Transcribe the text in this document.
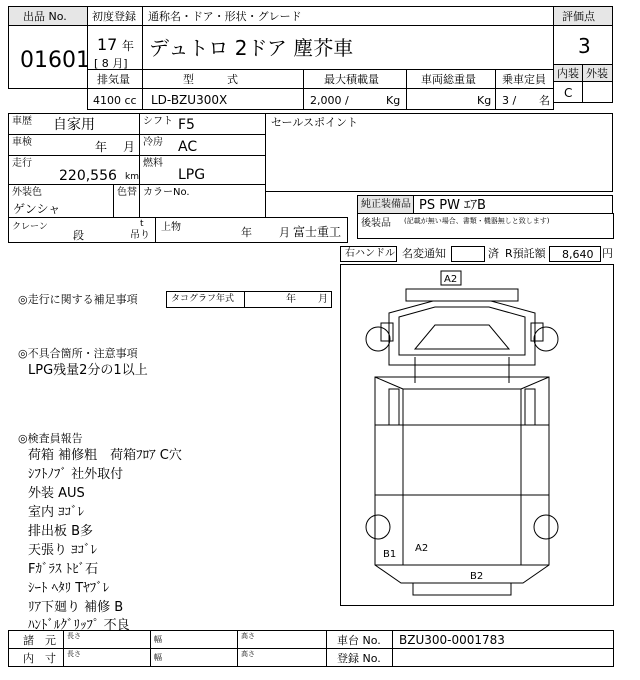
出品 No. 初度登録 通称名・ドア・形状・グレード	評価点
01601
17 年
[ 8 月]
デュトロ 2ドア 塵芥車	3
内装 外装
C
排気量	型　　　式	最大積載量	車両総重量 乗車定員
4100 cc LD-BZU300X	2,000 /	Kg	Kg 3 / 名
車歴 自家用	シフト F5	セールスポイント
車検	年 月 冷房 AC
走行
220,556 km
燃料
LPG
外装色
ゲンシャ
色替 カラーNo.
純正装備品 PS PW ｴｱB
後装品 (記載が無い場合、書類・機器無しと致します)
クレーン
段
t
吊り
上物	年 月 富士重工
右ハンドル 名変通知	済 R預託額 8,640 円
◎走行に関する補足事項	タコグラフ年式	年 月
◎不具合箇所・注意事項
LPG残量2分の1以上
◎検査員報告
荷箱 補修粗　荷箱ﾌﾛｱ C穴
ｼﾌﾄﾉﾌﾞ 社外取付
外装 AUS
室内 ﾖｺﾞﾚ
排出板 B多
天張り ﾖｺﾞﾚ
Fｶﾞﾗｽ ﾄﾋﾞ石
ｼｰﾄ ﾍﾀﾘ Tﾔﾌﾞﾚ
ﾘｱ下廻り 補修 B
ﾊﾝﾄﾞﾙｸﾞﾘｯﾌﾟ 不良
A2
B1
A2
B2
諸　元 長さ	幅	高さ	車台 No. BZU300-0001783
内　寸 長さ	幅	高さ	登録 No.
